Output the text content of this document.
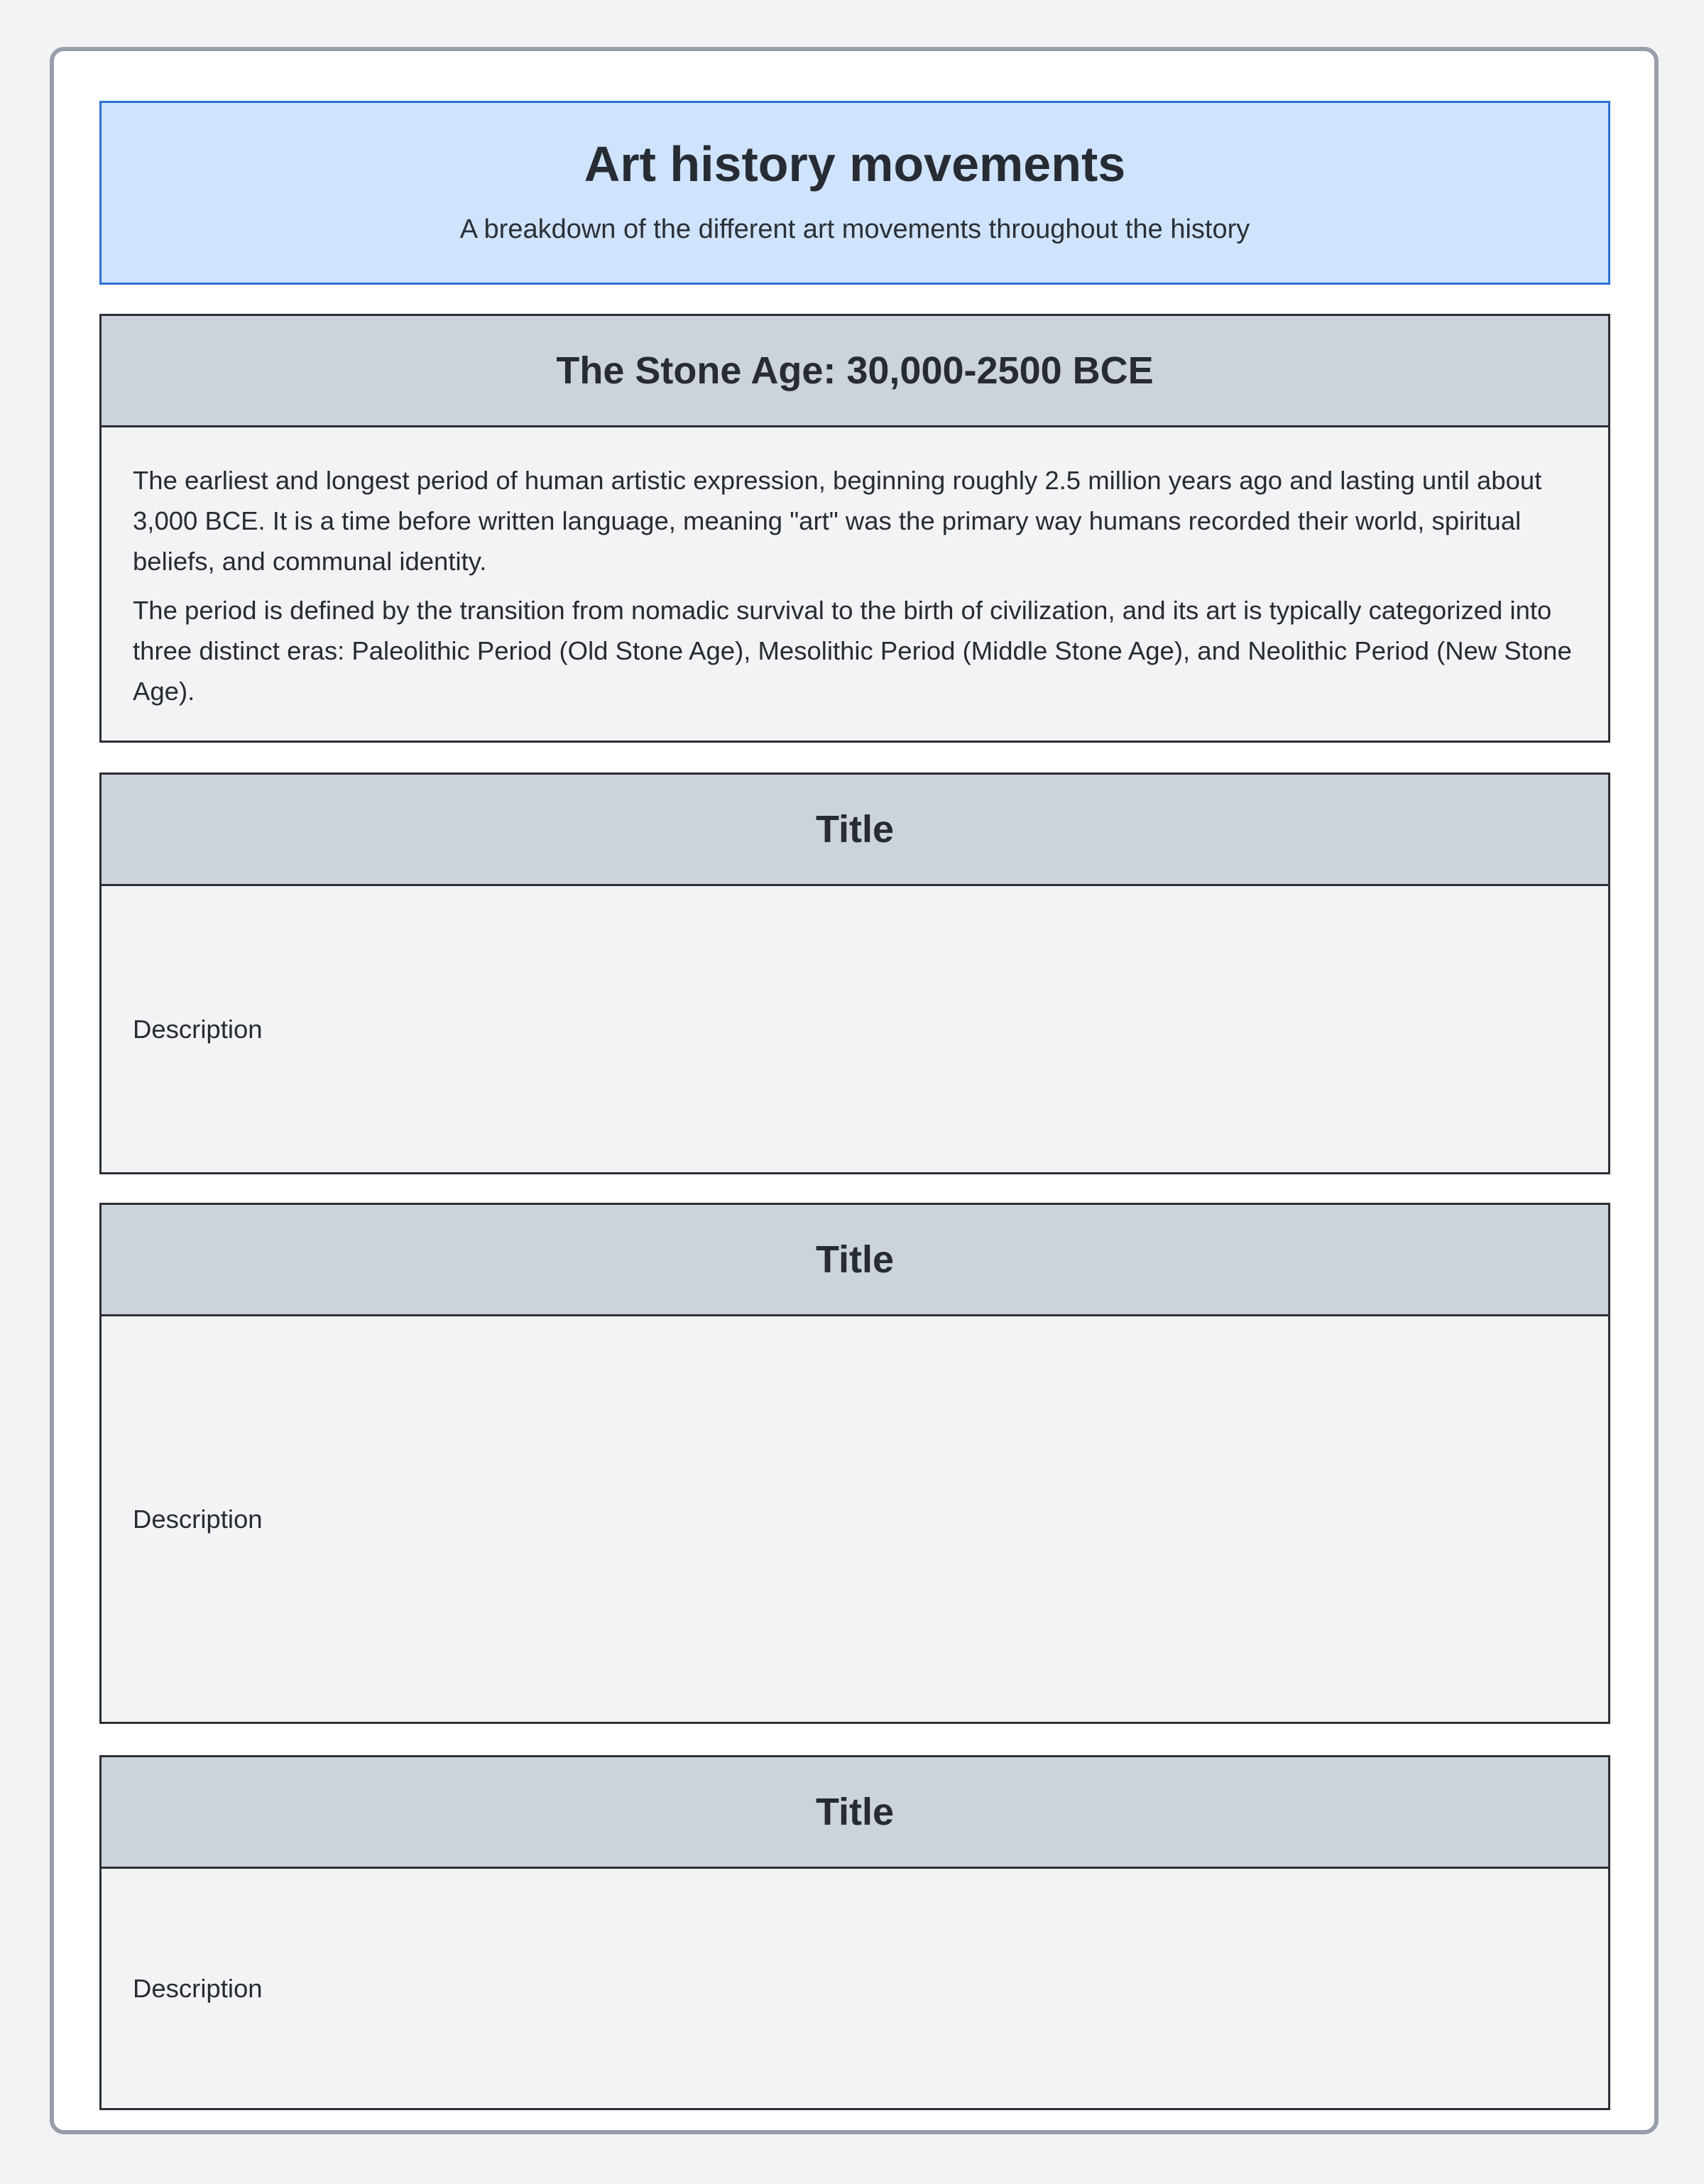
Art history movements

A breakdown of the different art movements throughout the history

The Stone Age: 30,000-2500 BCE

The earliest and longest period of human artistic expression, beginning roughly 2.5 million years ago and lasting until about 3,000 BCE. It is a time before written language, meaning "art" was the primary way humans recorded their world, spiritual beliefs, and communal identity.

The period is defined by the transition from nomadic survival to the birth of civilization, and its art is typically categorized into three distinct eras: Paleolithic Period (Old Stone Age), Mesolithic Period (Middle Stone Age), and Neolithic Period (New Stone Age).

Title

Description

Title

Description

Title

Description
